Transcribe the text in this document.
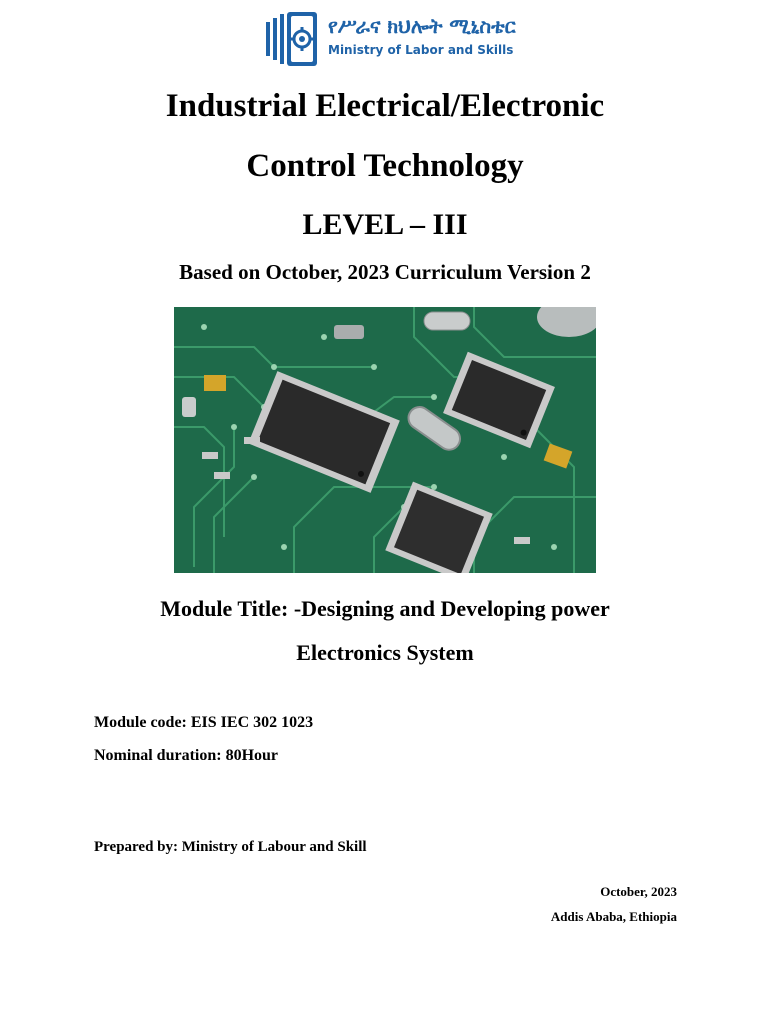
የሥራና ክህሎት ሚኒስቴር
Ministry of Labor and Skills
Industrial Electrical/Electronic
Control Technology
LEVEL – III
Based on October, 2023 Curriculum Version 2
Module Title: -Designing and Developing power
Electronics System
Module code: EIS IEC 302 1023
Nominal duration: 80Hour
Prepared by: Ministry of Labour and Skill
October, 2023
Addis Ababa, Ethiopia
